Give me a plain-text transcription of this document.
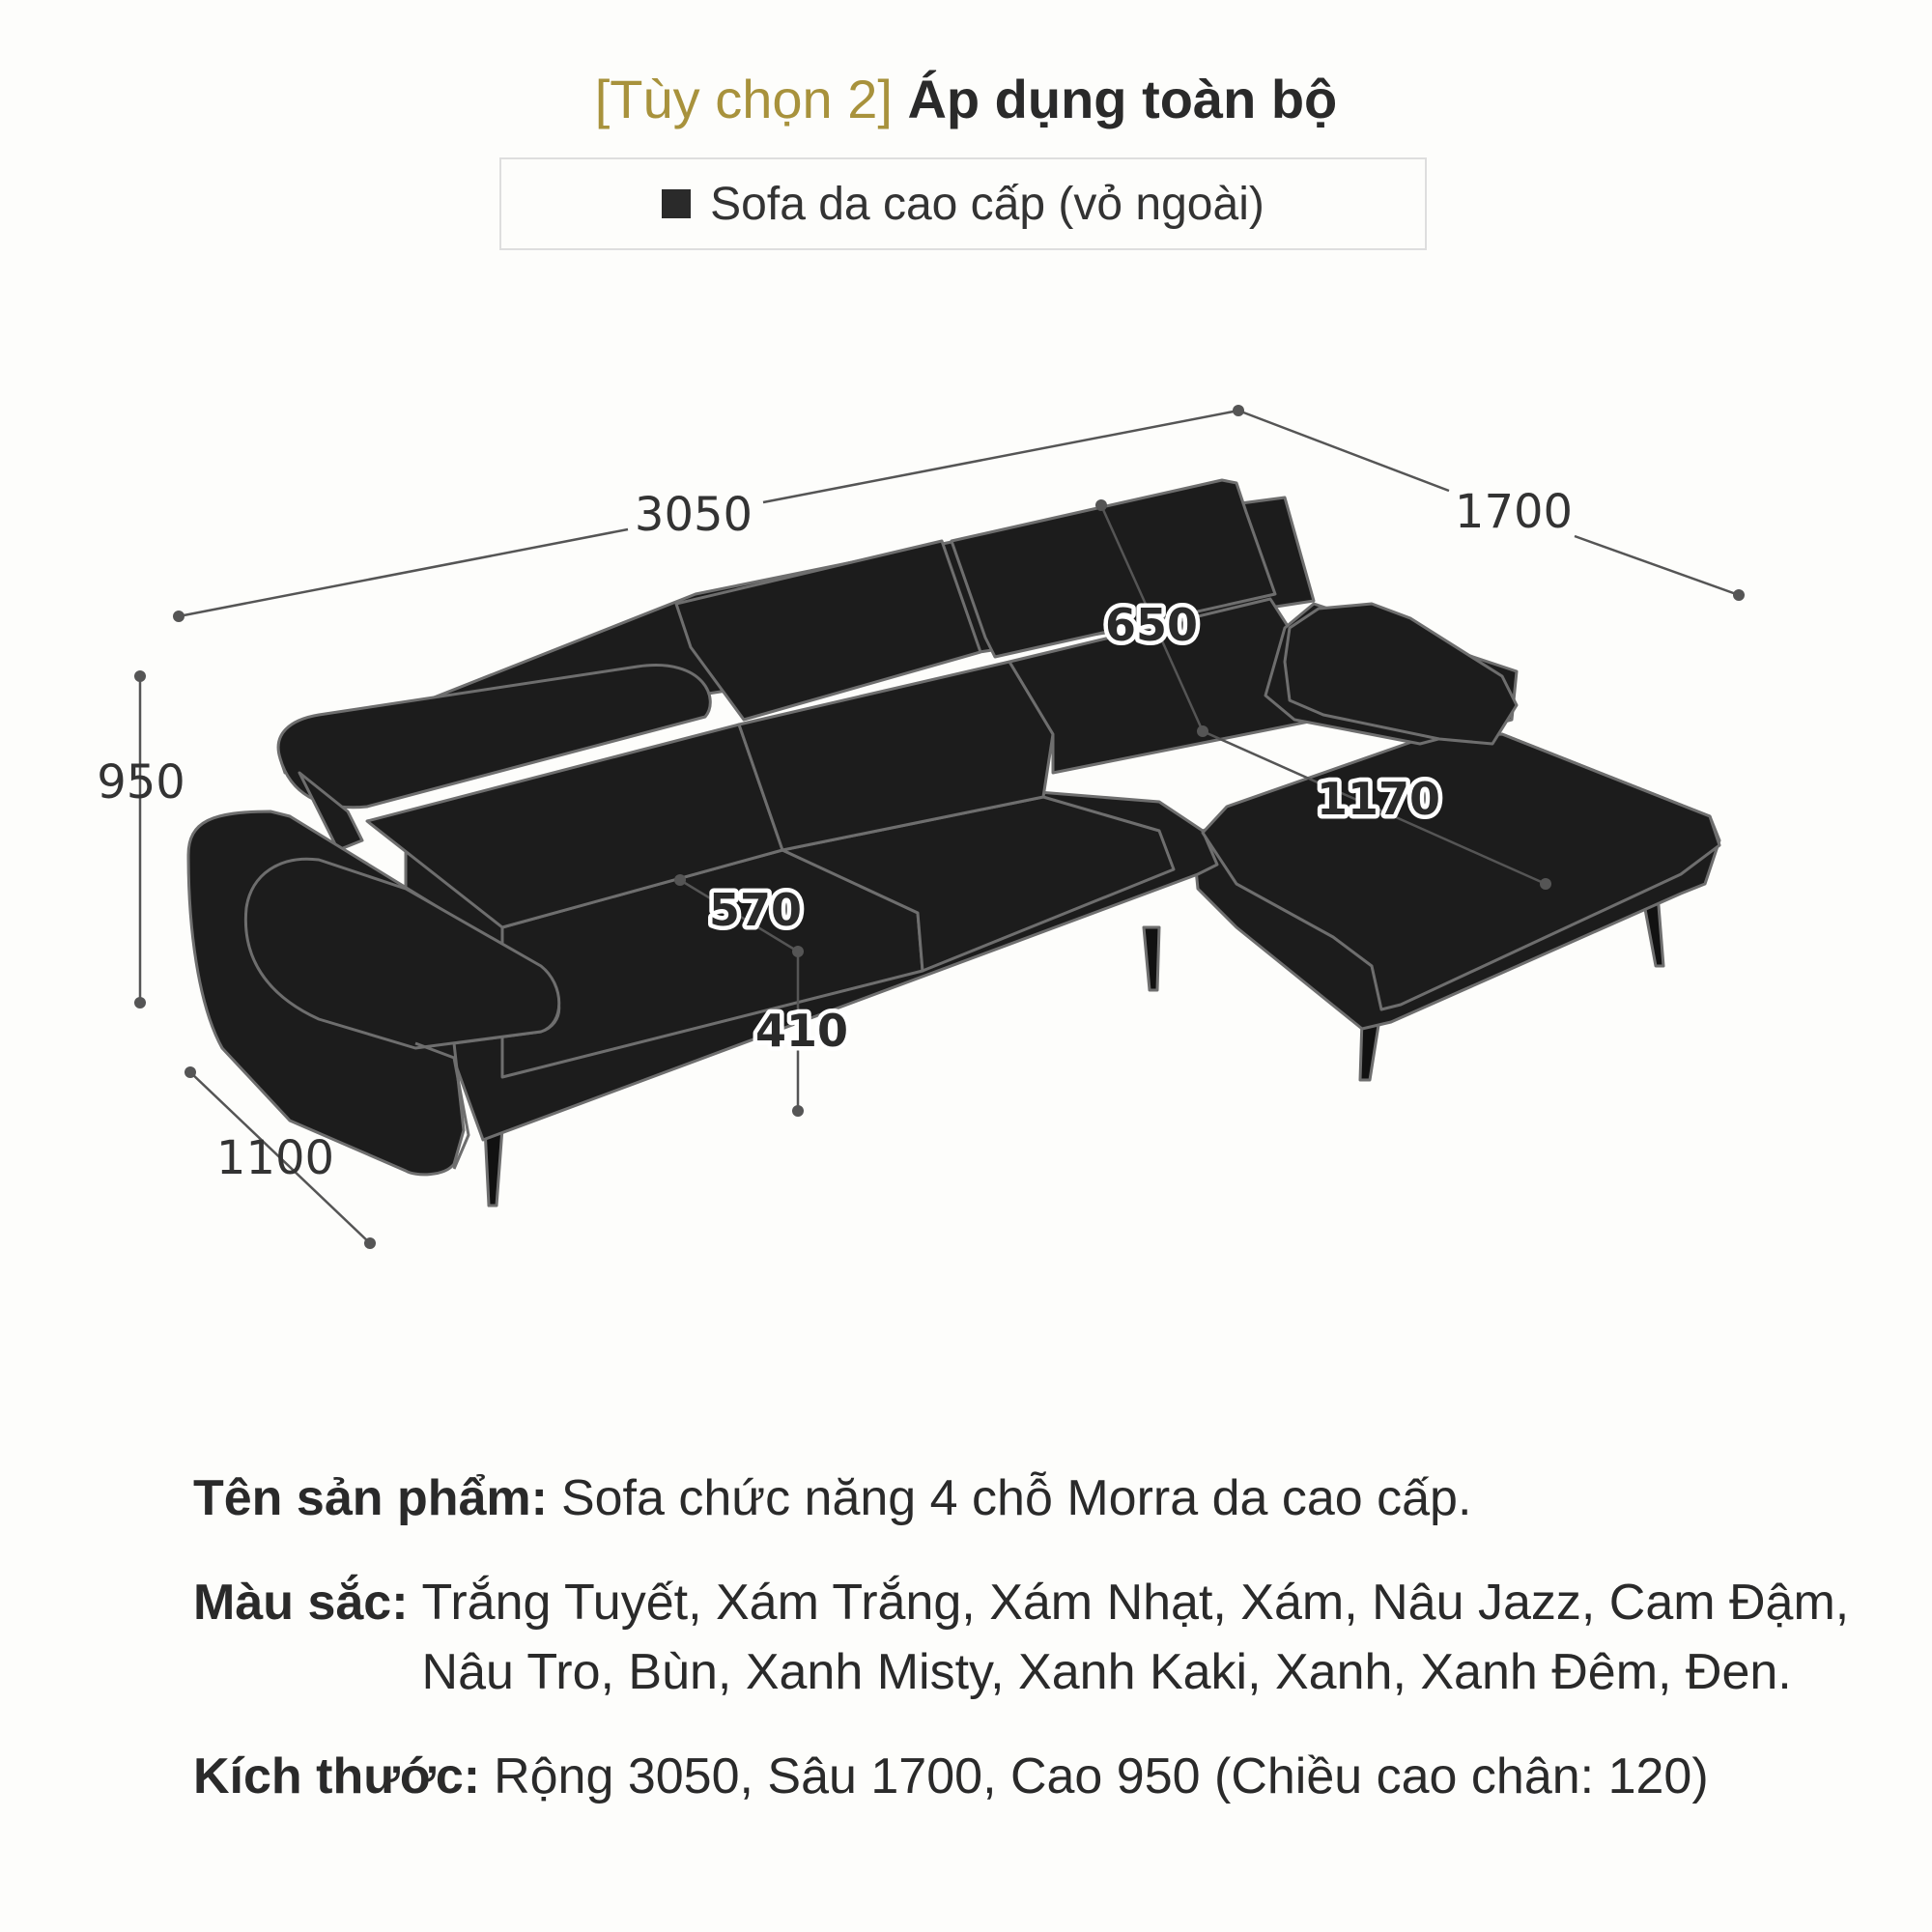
[Tùy chọn 2] Áp dụng toàn bộ
Sofa da cao cấp (vỏ ngoài)
3050	1700
950
1100
650
1170
570
410
Tên sản phẩm: Sofa chức năng 4 chỗ Morra da cao cấp.
Màu sắc: Trắng Tuyết, Xám Trắng, Xám Nhạt, Xám, Nâu Jazz, Cam Đậm, Nâu Tro, Bùn, Xanh Misty, Xanh Kaki, Xanh, Xanh Đêm, Đen.
Kích thước: Rộng 3050, Sâu 1700, Cao 950 (Chiều cao chân: 120)
